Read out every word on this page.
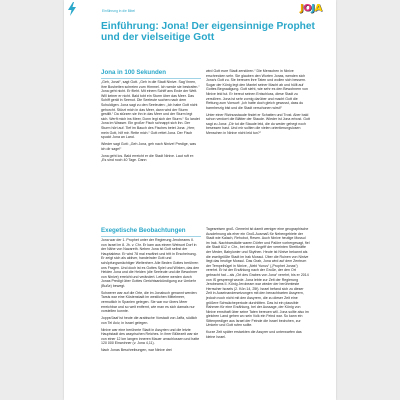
Einführung in die Bibel	JOJA
Einführung: Jona! Der eigensinnige Prophet und der vielseitige Gott
Jona in 100 Sekunden

„Geh, Jona!“, sagt Gott. „Geh in die Stadt Ninive. Sag’ ihnen, ihre Bosheiten schreien zum Himmel. Ich werde sie bestrafen.“ Jona geht nicht. Er flieht. Mit einem Schiff ans Ende der Welt. Will keiner er nicht. Bald tobt ein Sturm über das Meer. Das Schiff gerät in Seenot. Die Seeleute suchen nach dem Schuldigen. Jona sagt zu den Seeleuten: „Ich habe Gott nicht gehorcht. Stürzt mich in das Meer, dann wird der Sturm gestillt.“ Da stürzen sie ihn in das Meer und der Sturm legt sich. Werft mich ins Meer, Donn legt sich der Sturm.“ So landet Jona im Wasser. Ein großer Fisch schnappt sich ihn. Der Sturm hört auf. Tief im Bauch des Fisches betet Jona: „Herr, mein Gott, hilf mir. Rette mich.“ Gott rettet Jona. Der Fisch spuckt Jona an Land.

Wieder sagt Gott: „Geh Jona, geh nach Ninive! Predige, was ich dir sage!“

Jona geht los. Bald erreicht er die Stadt Ninive. Laut ruft er: „Es sind noch 40 Tage. Dann

wird Gott eure Stadt zerstören.“ Die Menschen in Ninive erschrecken sehr. Sie glauben den Worten Jonas, wenden sich Jona‘s Gott zu. Sie bereuen ihre Taten und wollen sich bessern. Sogar der König legt den Mantel seiner Macht ab und hüllt auf Gottes Begnadigung. Gott sieht, wie sehr es den Bewohnern von Ninive leid tut. Er bereut seinen Entschluss, diese Stadt zu zerstören. Jona ist sehr zornig darüber und macht Gott die Rettung zum Vorwurf: „Ich hatte doch gleich gewusst, dass du barmherzig bist und die Stadt verschonen wirst!“

Unter einer Rizinusstaude findet er Schatten und Trost. Aber bald schon verdorrt die Blätter der Staude. Wieder ist Jona erbost. Gott sagt zu Jona: „Dir tut die Staude leid, die du weder gehegt noch besessen hast. Und mir sollten die vielen orientierungslosen Menschen in Ninive nicht leid tun?“

Exegetische Beobachtungen

Jona war der 1. Prophet unter der Regierung Jerobeams II. von Israel im 8. Jh. v. Chr. Er kam aus einem Weiwort Dorf in der Nähe von Nazareth. Neben Jona ist Gott selbst der Hauptakteur. Er wird 78 mal erwähnt und tritt in Erscheinung. Er zeigt sich als aktiver, handelnder Gott und schöpfungsmächtiger Weltenherr. Alle Beden Gottes berühren uns Fragen. Und doch ist es Gottes Spiel und Wirken, das den Helden Jona und die Heiden (die Seeleute und die Bewohner von Ninive) erreicht und verändert. Letztere werden durch Jonas Predigt über Gottes Gerichtsankündigung zur Umkehr (Buße) bewegt.

Schwerer war auf die Orte, die im Jonabuch genannt werden: Tarsis war eine Küstenstadt im westlichen Mittelmeer, vermutlich in Spanien gelegen. Sie war nur übers Meer erreichbar und so weit entfernt, wie man es sich damals nur vorstellen konnte.

Joppe/Jaaf ist heute die arabische Vorstadt von Jaffa, südlich von Tel Aviv, in Israel gelegen.

Ninive war eine berühmte Stadt in Assyrien und die letzte Hauptstadt des assyrischen Reiches. In ihrer Blütezeit war sie von einer 12 km langen inneren Mauer umschlossen und hatte 120 000 Einwohner (v. Jona 4,11).

Nach Jonas Beschreibungen, war Ninive drei

Tagesreisen groß. Gemeint ist damit weniger eine geographische Ausdehnung als eher ein Groß-Ausmaß für Nebengebiete der Stadt wie Kalach, Rehobot, Resen. Auch Ninive heutige Mossul im Irak. Nachbarstädte waren Dörfer und Palöre vorhergesagt, fiel die Stadt 612 v. Chr., bei einem Angriff der vereinten Streitkräfte der Meder, Babylonier und Skythen. Heute ist Ninive bekannt als die zweitgrößte Stadt im Irak Mossul. Über die Ruinen von Ninive liegt das heutige Mossul. Das Grab, Jona wird auf dem Zentrum der Tempelhügel in Ninive, „Nebi Yunus“ („Prophet Jonas“) verehrt. Er ist der Erzählung nach der Große, der den Ort gebracht hat – als „Ort des Grabes von Jona“ verehrt, bis er 2014 von IS gesprengt wurde. Jona lebte zur Zeit der Regierung Jerobeams II. König Jerobeam war wieder der berühmteste Herrscher Israels (2. Kön 14, 25f). Israel befand sich zu dieser Zeit in Auseinandersetzungen mit den benachbarten Assyrern, jedoch noch nicht mit den Assyrern, die zu dieser Zeit eine größere Schwächeperiode durchlitten. Das ist ein plausible Rahmen für eine Erzählung, bei der Aussage, der König von Ninive ernsthaft über seine Taten bereuen will. Jona sollte also im gleichen Land gehen wo sein Volk ein Feind war. So kann ein Sittenprediger aus Israel der Feinde die Israel bedrohen, zur Umkehr und Gott rufen sollte.

Kurze Zeit später erstarkten die Assyrer und unterwarfen das kleine Israel.
